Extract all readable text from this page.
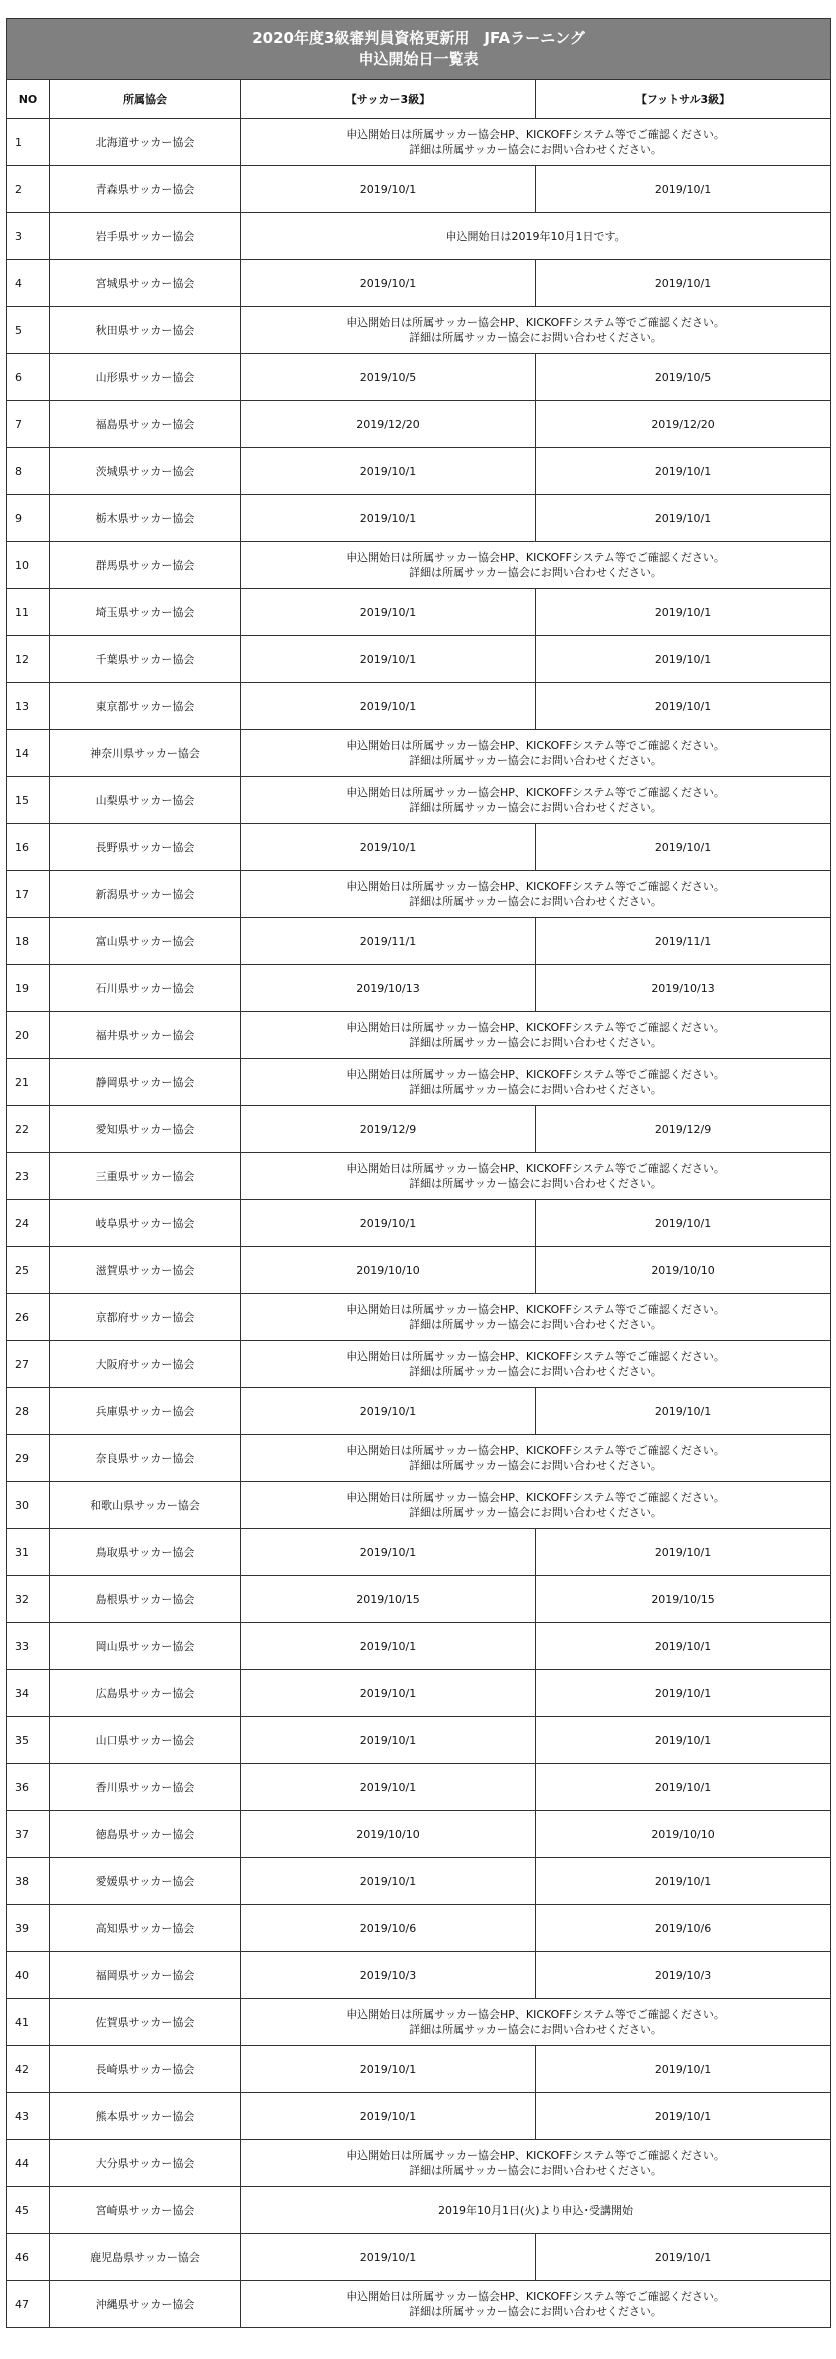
2020年度3級審判員資格更新用　JFAラーニング
申込開始日一覧表			

NO	所属協会	【サッカー3級】	【フットサル3級】
1	北海道サッカー協会	申込開始日は所属サッカー協会HP、KICKOFFシステム等でご確認ください。
詳細は所属サッカー協会にお問い合わせください。	

2	青森県サッカー協会	2019/10/1	2019/10/1
3	岩手県サッカー協会	申込開始日は2019年10月1日です。	
4	宮城県サッカー協会	2019/10/1	2019/10/1
5	秋田県サッカー協会	申込開始日は所属サッカー協会HP、KICKOFFシステム等でご確認ください。
詳細は所属サッカー協会にお問い合わせください。	

6	山形県サッカー協会	2019/10/5	2019/10/5
7	福島県サッカー協会	2019/12/20	2019/12/20
8	茨城県サッカー協会	2019/10/1	2019/10/1
9	栃木県サッカー協会	2019/10/1	2019/10/1
10	群馬県サッカー協会	申込開始日は所属サッカー協会HP、KICKOFFシステム等でご確認ください。
詳細は所属サッカー協会にお問い合わせください。	

11	埼玉県サッカー協会	2019/10/1	2019/10/1
12	千葉県サッカー協会	2019/10/1	2019/10/1
13	東京都サッカー協会	2019/10/1	2019/10/1
14	神奈川県サッカー協会	申込開始日は所属サッカー協会HP、KICKOFFシステム等でご確認ください。
詳細は所属サッカー協会にお問い合わせください。	

15	山梨県サッカー協会	申込開始日は所属サッカー協会HP、KICKOFFシステム等でご確認ください。
詳細は所属サッカー協会にお問い合わせください。	

16	長野県サッカー協会	2019/10/1	2019/10/1
17	新潟県サッカー協会	申込開始日は所属サッカー協会HP、KICKOFFシステム等でご確認ください。
詳細は所属サッカー協会にお問い合わせください。	

18	富山県サッカー協会	2019/11/1	2019/11/1
19	石川県サッカー協会	2019/10/13	2019/10/13
20	福井県サッカー協会	申込開始日は所属サッカー協会HP、KICKOFFシステム等でご確認ください。
詳細は所属サッカー協会にお問い合わせください。	

21	静岡県サッカー協会	申込開始日は所属サッカー協会HP、KICKOFFシステム等でご確認ください。
詳細は所属サッカー協会にお問い合わせください。	

22	愛知県サッカー協会	2019/12/9	2019/12/9
23	三重県サッカー協会	申込開始日は所属サッカー協会HP、KICKOFFシステム等でご確認ください。
詳細は所属サッカー協会にお問い合わせください。	

24	岐阜県サッカー協会	2019/10/1	2019/10/1
25	滋賀県サッカー協会	2019/10/10	2019/10/10
26	京都府サッカー協会	申込開始日は所属サッカー協会HP、KICKOFFシステム等でご確認ください。
詳細は所属サッカー協会にお問い合わせください。	

27	大阪府サッカー協会	申込開始日は所属サッカー協会HP、KICKOFFシステム等でご確認ください。
詳細は所属サッカー協会にお問い合わせください。	

28	兵庫県サッカー協会	2019/10/1	2019/10/1
29	奈良県サッカー協会	申込開始日は所属サッカー協会HP、KICKOFFシステム等でご確認ください。
詳細は所属サッカー協会にお問い合わせください。	

30	和歌山県サッカー協会	申込開始日は所属サッカー協会HP、KICKOFFシステム等でご確認ください。
詳細は所属サッカー協会にお問い合わせください。	

31	鳥取県サッカー協会	2019/10/1	2019/10/1
32	島根県サッカー協会	2019/10/15	2019/10/15
33	岡山県サッカー協会	2019/10/1	2019/10/1
34	広島県サッカー協会	2019/10/1	2019/10/1
35	山口県サッカー協会	2019/10/1	2019/10/1
36	香川県サッカー協会	2019/10/1	2019/10/1
37	徳島県サッカー協会	2019/10/10	2019/10/10
38	愛媛県サッカー協会	2019/10/1	2019/10/1
39	高知県サッカー協会	2019/10/6	2019/10/6
40	福岡県サッカー協会	2019/10/3	2019/10/3
41	佐賀県サッカー協会	申込開始日は所属サッカー協会HP、KICKOFFシステム等でご確認ください。
詳細は所属サッカー協会にお問い合わせください。	

42	長崎県サッカー協会	2019/10/1	2019/10/1
43	熊本県サッカー協会	2019/10/1	2019/10/1
44	大分県サッカー協会	申込開始日は所属サッカー協会HP、KICKOFFシステム等でご確認ください。
詳細は所属サッカー協会にお問い合わせください。	

45	宮崎県サッカー協会	2019年10月1日(火)より申込･受講開始	
46	鹿児島県サッカー協会	2019/10/1	2019/10/1
47	沖縄県サッカー協会	申込開始日は所属サッカー協会HP、KICKOFFシステム等でご確認ください。
詳細は所属サッカー協会にお問い合わせください。	
